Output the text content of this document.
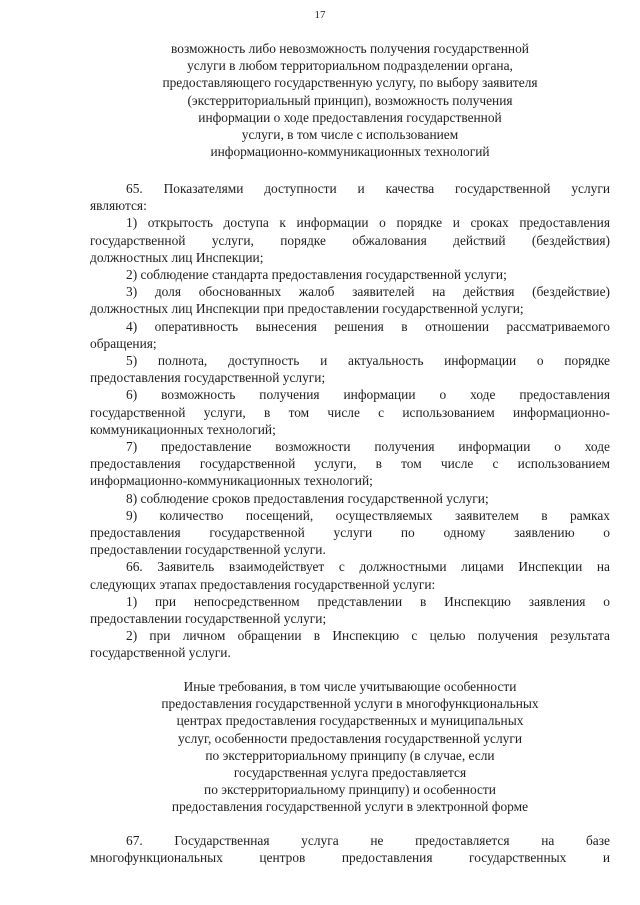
17
возможность либо невозможность получения государственной
услуги в любом территориальном подразделении органа,
предоставляющего государственную услугу, по выбору заявителя
(экстерриториальный принцип), возможность получения
информации о ходе предоставления государственной
услуги, в том числе с использованием
информационно-коммуникационных технологий

65. Показателями доступности и качества государственной услуги
являются:

1) открытость доступа к информации о порядке и сроках предоставления
государственной услуги, порядке обжалования действий (бездействия)
должностных лиц Инспекции;

2) соблюдение стандарта предоставления государственной услуги;

3) доля обоснованных жалоб заявителей на действия (бездействие)
должностных лиц Инспекции при предоставлении государственной услуги;

4) оперативность вынесения решения в отношении рассматриваемого
обращения;

5) полнота, доступность и актуальность информации о порядке
предоставления государственной услуги;

6) возможность получения информации о ходе предоставления
государственной услуги, в том числе с использованием информационно-
коммуникационных технологий;

7) предоставление возможности получения информации о ходе
предоставления государственной услуги, в том числе с использованием
информационно-коммуникационных технологий;

8) соблюдение сроков предоставления государственной услуги;

9) количество посещений, осуществляемых заявителем в рамках
предоставления государственной услуги по одному заявлению о
предоставлении государственной услуги.

66. Заявитель взаимодействует с должностными лицами Инспекции на
следующих этапах предоставления государственной услуги:

1) при непосредственном представлении в Инспекцию заявления о
предоставлении государственной услуги;

2) при личном обращении в Инспекцию с целью получения результата
государственной услуги.

Иные требования, в том числе учитывающие особенности
предоставления государственной услуги в многофункциональных
центрах предоставления государственных и муниципальных
услуг, особенности предоставления государственной услуги
по экстерриториальному принципу (в случае, если
государственная услуга предоставляется
по экстерриториальному принципу) и особенности
предоставления государственной услуги в электронной форме

67. Государственная услуга не предоставляется на базе
многофункциональных центров предоставления государственных и
